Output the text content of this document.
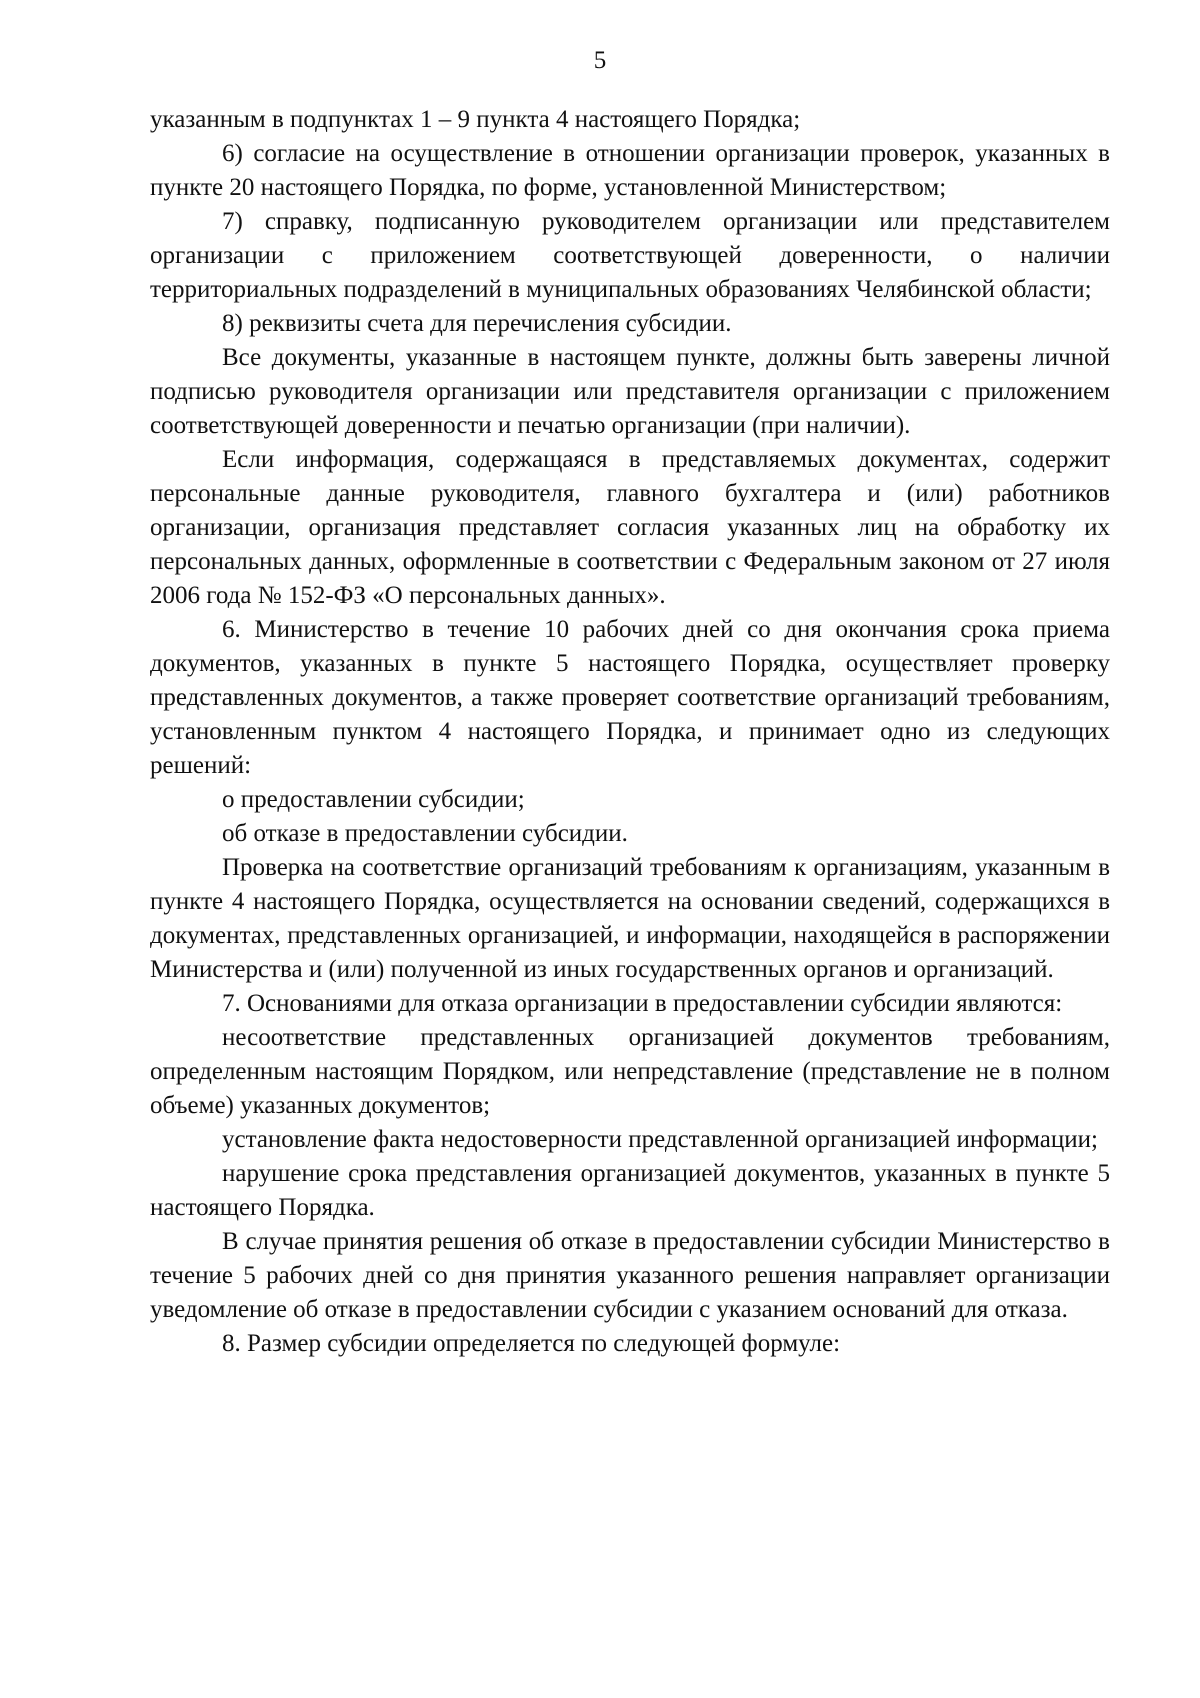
5

указанным в подпунктах 1 – 9 пункта 4 настоящего Порядка;

6) согласие на осуществление в отношении организации проверок, указанных в пункте 20 настоящего Порядка, по форме, установленной Министерством;

7) справку, подписанную руководителем организации или представителем организации с приложением соответствующей доверенности, о наличии территориальных подразделений в муниципальных образованиях Челябинской области;

8) реквизиты счета для перечисления субсидии.

Все документы, указанные в настоящем пункте, должны быть заверены личной подписью руководителя организации или представителя организации с приложением соответствующей доверенности и печатью организации (при наличии).

Если информация, содержащаяся в представляемых документах, содержит персональные данные руководителя, главного бухгалтера и (или) работников организации, организация представляет согласия указанных лиц на обработку их персональных данных, оформленные в соответствии с Федеральным законом от 27 июля 2006 года № 152-ФЗ «О персональных данных».

6. Министерство в течение 10 рабочих дней со дня окончания срока приема документов, указанных в пункте 5 настоящего Порядка, осуществляет проверку представленных документов, а также проверяет соответствие организаций требованиям, установленным пунктом 4 настоящего Порядка, и принимает одно из следующих решений:

о предоставлении субсидии;

об отказе в предоставлении субсидии.

Проверка на соответствие организаций требованиям к организациям, указанным в пункте 4 настоящего Порядка, осуществляется на основании сведений, содержащихся в документах, представленных организацией, и информации, находящейся в распоряжении Министерства и (или) полученной из иных государственных органов и организаций.

7. Основаниями для отказа организации в предоставлении субсидии являются:

несоответствие представленных организацией документов требованиям, определенным настоящим Порядком, или непредставление (представление не в полном объеме) указанных документов;

установление факта недостоверности представленной организацией информации;

нарушение срока представления организацией документов, указанных в пункте 5 настоящего Порядка.

В случае принятия решения об отказе в предоставлении субсидии Министерство в течение 5 рабочих дней со дня принятия указанного решения направляет организации уведомление об отказе в предоставлении субсидии с указанием оснований для отказа.

8. Размер субсидии определяется по следующей формуле:
